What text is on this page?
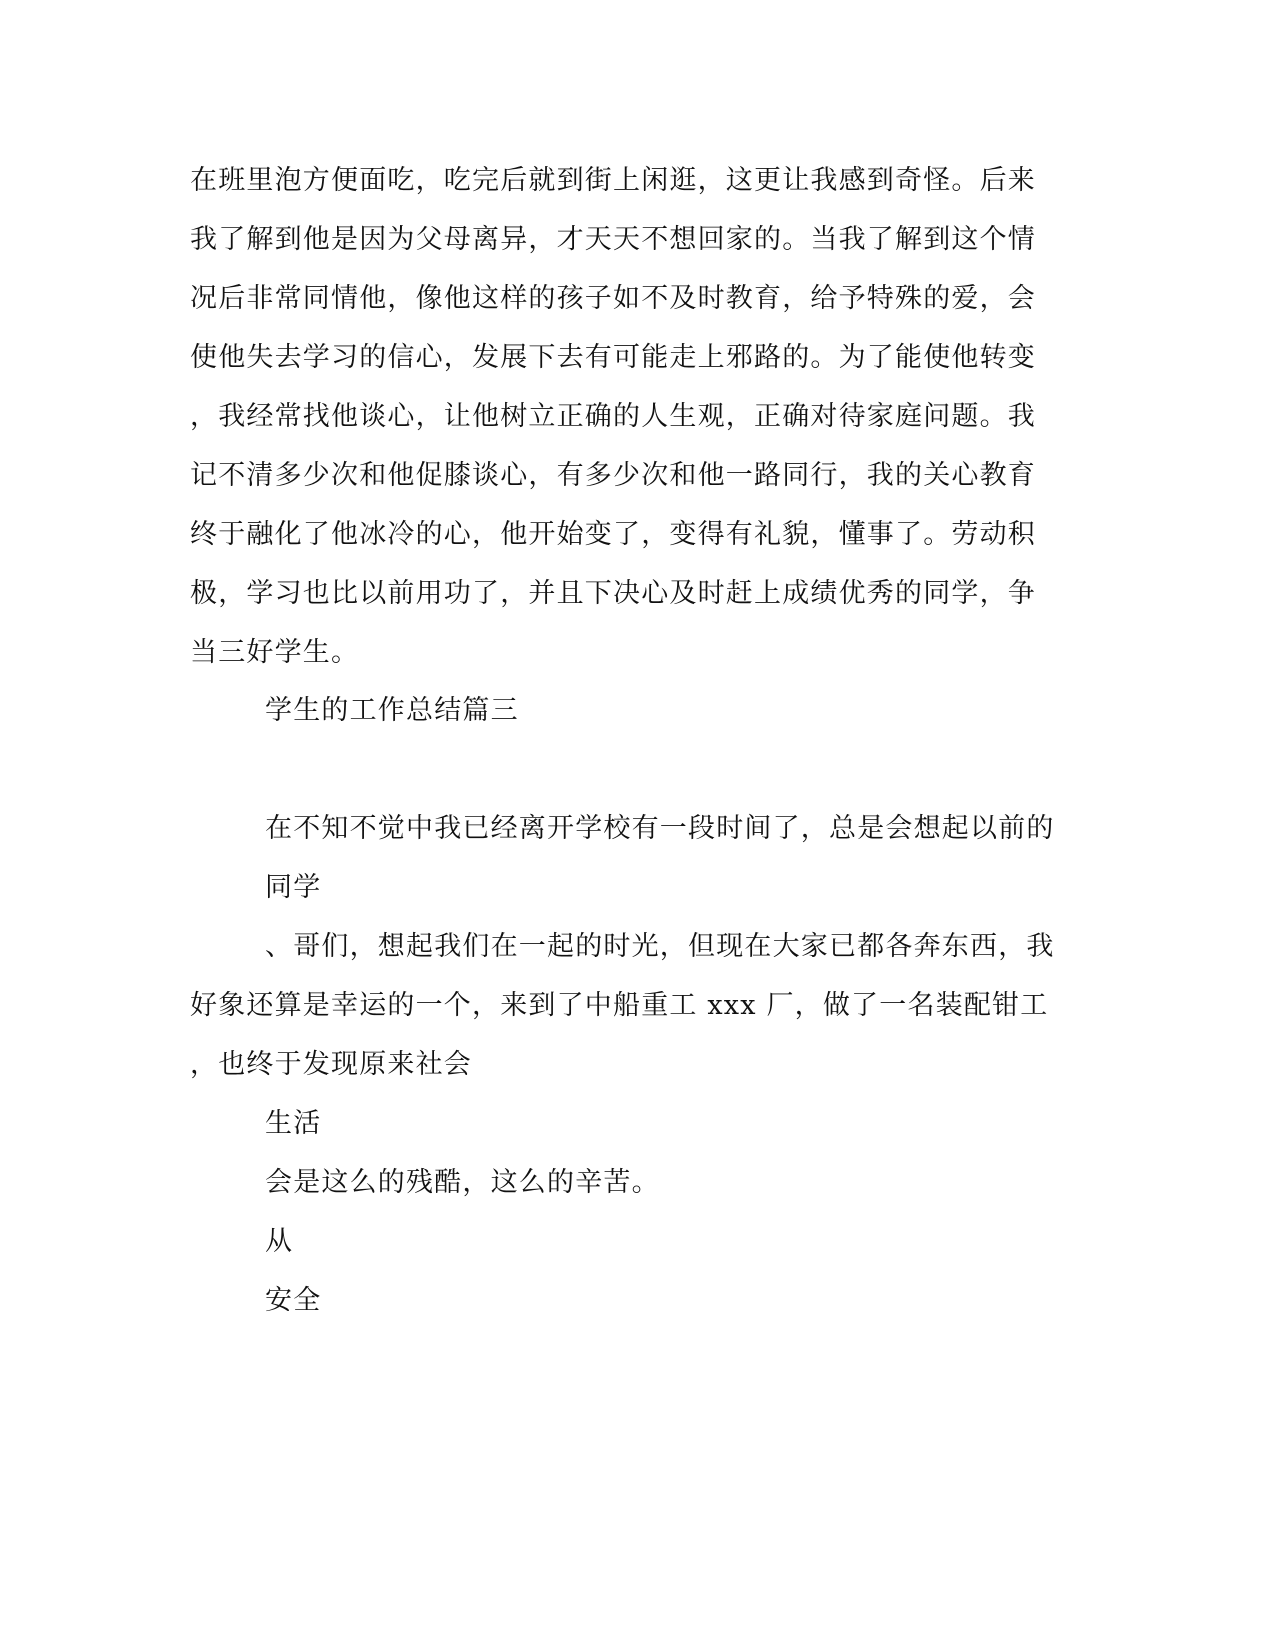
在班里泡方便面吃，吃完后就到街上闲逛，这更让我感到奇怪。后来
我了解到他是因为父母离异，才天天不想回家的。当我了解到这个情
况后非常同情他，像他这样的孩子如不及时教育，给予特殊的爱，会
使他失去学习的信心，发展下去有可能走上邪路的。为了能使他转变
，我经常找他谈心，让他树立正确的人生观，正确对待家庭问题。我
记不清多少次和他促膝谈心，有多少次和他一路同行，我的关心教育
终于融化了他冰冷的心，他开始变了，变得有礼貌，懂事了。劳动积
极，学习也比以前用功了，并且下决心及时赶上成绩优秀的同学，争
当三好学生。
学生的工作总结篇三
在不知不觉中我已经离开学校有一段时间了，总是会想起以前的
同学
、哥们，想起我们在一起的时光，但现在大家已都各奔东西，我
好象还算是幸运的一个，来到了中船重工 xxx 厂，做了一名装配钳工
，也终于发现原来社会
生活
会是这么的残酷，这么的辛苦。
从
安全
